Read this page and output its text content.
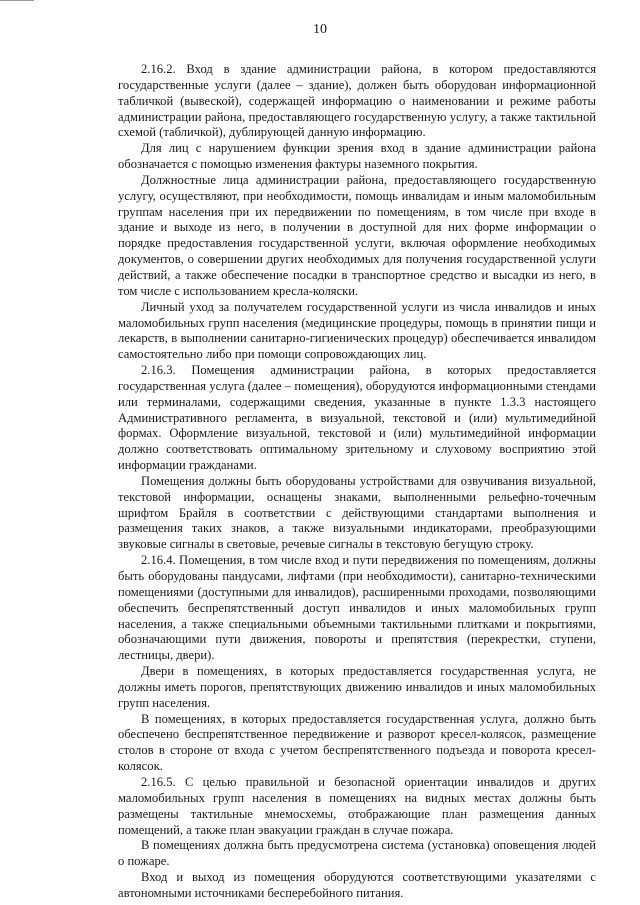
10

2.16.2. Вход в здание администрации района, в котором предоставляются государственные услуги (далее – здание), должен быть оборудован информационной табличкой (вывеской), содержащей информацию о наименовании и режиме работы администрации района, предоставляющего государственную услугу, а также тактильной схемой (табличкой), дублирующей данную информацию.

Для лиц с нарушением функции зрения вход в здание администрации района обозначается с помощью изменения фактуры наземного покрытия.

Должностные лица администрации района, предоставляющего государственную услугу, осуществляют, при необходимости, помощь инвалидам и иным маломобильным группам населения при их передвижении по помещениям, в том числе при входе в здание и выходе из него, в получении в доступной для них форме информации о порядке предоставления государственной услуги, включая оформление необходимых документов, о совершении других необходимых для получения государственной услуги действий, а также обеспечение посадки в транспортное средство и высадки из него, в том числе с использованием кресла-коляски.

Личный уход за получателем государственной услуги из числа инвалидов и иных маломобильных групп населения (медицинские процедуры, помощь в принятии пищи и лекарств, в выполнении санитарно-гигиенических процедур) обеспечивается инвалидом самостоятельно либо при помощи сопровождающих лиц.

2.16.3. Помещения администрации района, в которых предоставляется государственная услуга (далее – помещения), оборудуются информационными стендами или терминалами, содержащими сведения, указанные в пункте 1.3.3 настоящего Административного регламента, в визуальной, текстовой и (или) мультимедийной формах. Оформление визуальной, текстовой и (или) мультимедийной информации должно соответствовать оптимальному зрительному и слуховому восприятию этой информации гражданами.

Помещения должны быть оборудованы устройствами для озвучивания визуальной, текстовой информации, оснащены знаками, выполненными рельефно-точечным шрифтом Брайля в соответствии с действующими стандартами выполнения и размещения таких знаков, а также визуальными индикаторами, преобразующими звуковые сигналы в световые, речевые сигналы в текстовую бегущую строку.

2.16.4. Помещения, в том числе вход и пути передвижения по помещениям, должны быть оборудованы пандусами, лифтами (при необходимости), санитарно-техническими помещениями (доступными для инвалидов), расширенными проходами, позволяющими обеспечить беспрепятственный доступ инвалидов и иных маломобильных групп населения, а также специальными объемными тактильными плитками и покрытиями, обозначающими пути движения, повороты и препятствия (перекрестки, ступени, лестницы, двери).

Двери в помещениях, в которых предоставляется государственная услуга, не должны иметь порогов, препятствующих движению инвалидов и иных маломобильных групп населения.

В помещениях, в которых предоставляется государственная услуга, должно быть обеспечено беспрепятственное передвижение и разворот кресел-колясок, размещение столов в стороне от входа с учетом беспрепятственного подъезда и поворота кресел-колясок.

2.16.5. С целью правильной и безопасной ориентации инвалидов и других маломобильных групп населения в помещениях на видных местах должны быть размещены тактильные мнемосхемы, отображающие план размещения данных помещений, а также план эвакуации граждан в случае пожара.

В помещениях должна быть предусмотрена система (установка) оповещения людей о пожаре.

Вход и выход из помещения оборудуются соответствующими указателями с автономными источниками бесперебойного питания.
